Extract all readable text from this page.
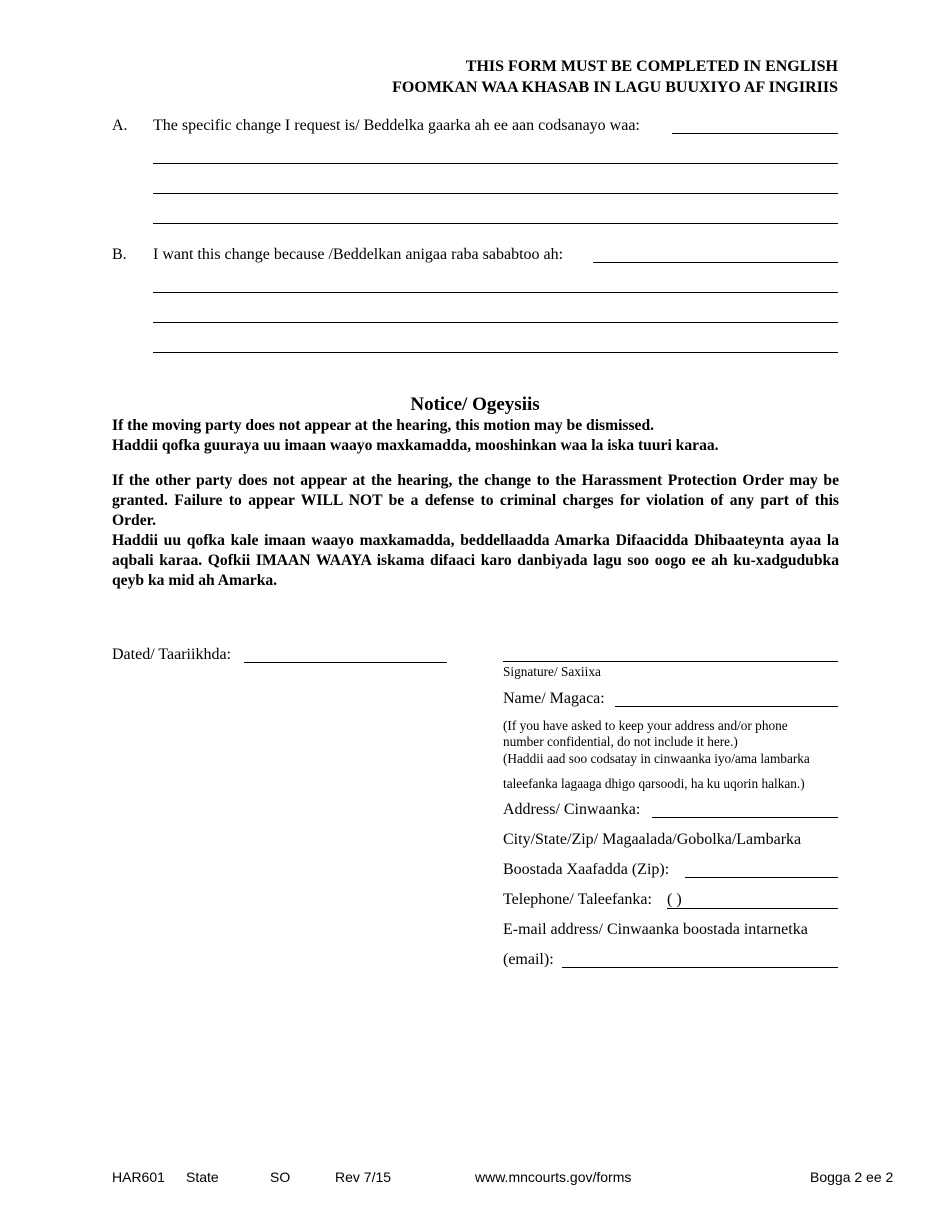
THIS FORM MUST BE COMPLETED IN ENGLISH
FOOMKAN WAA KHASAB IN LAGU BUUXIYO AF INGIRIIS
A. The specific change I request is/ Beddelka gaarka ah ee aan codsanayo waa:
B. I want this change because /Beddelkan anigaa raba sababtoo ah:
Notice/ Ogeysiis

If the moving party does not appear at the hearing, this motion may be dismissed.

Haddii qofka guuraya uu imaan waayo maxkamadda, mooshinkan waa la iska tuuri karaa.

If the other party does not appear at the hearing, the change to the Harassment Protection Order may be granted. Failure to appear WILL NOT be a defense to criminal charges for violation of any part of this Order.

Haddii uu qofka kale imaan waayo maxkamadda, beddellaadda Amarka Difaacidda Dhibaateynta ayaa la aqbali karaa. Qofkii IMAAN WAAYA iskama difaaci karo danbiyada lagu soo oogo ee ah ku-xadgudubka qeyb ka mid ah Amarka.

Dated/ Taariikhda:
Signature/ Saxiixa
Name/ Magaca:
(If you have asked to keep your address and/or phone
number confidential, do not include it here.)
(Haddii aad soo codsatay in cinwaanka iyo/ama lambarka
taleefanka lagaaga dhigo qarsoodi, ha ku uqorin halkan.)
Address/ Cinwaanka:
City/State/Zip/ Magaalada/Gobolka/Lambarka
Boostada Xaafadda (Zip):
Telephone/ Taleefanka: ( )
E-mail address/ Cinwaanka boostada intarnetka
(email):
HAR601 State	SO	Rev 7/15	www.mncourts.gov/forms	Bogga 2 ee 2
